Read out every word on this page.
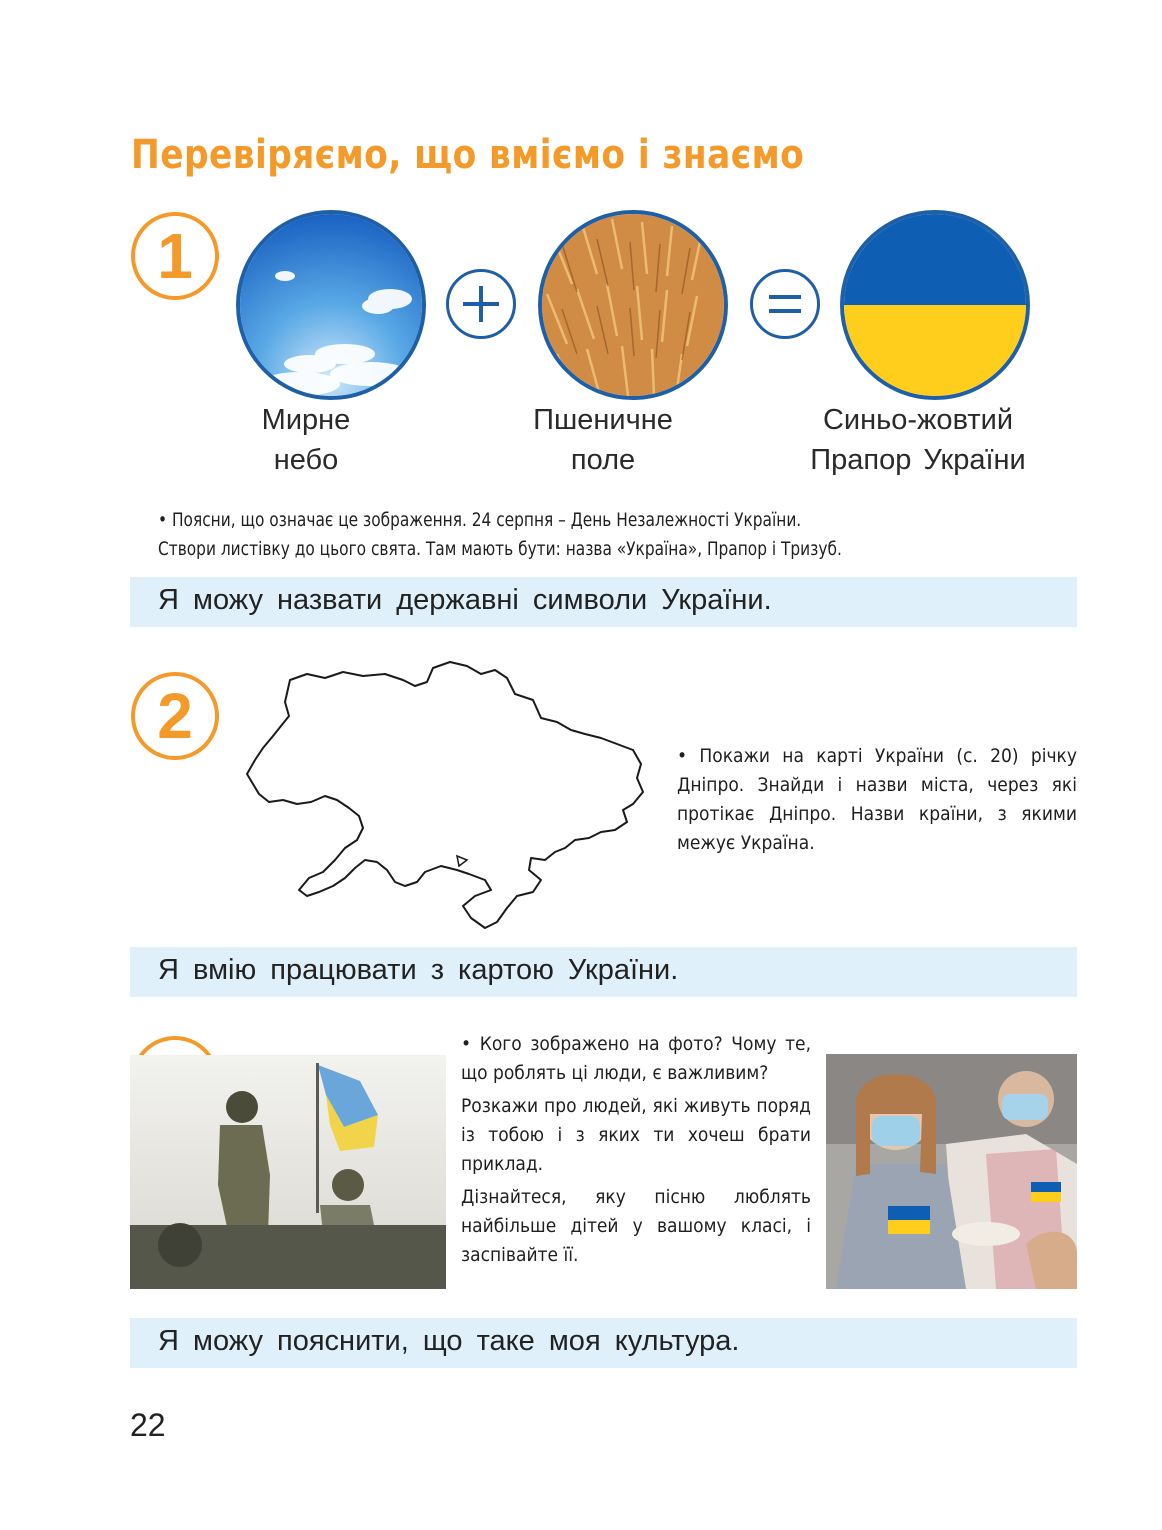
Перевіряємо, що вміємо і знаємо
1
Мирне
небо
Пшеничне
поле
Синьо-жовтий
Прапор України
• Поясни, що означає це зображення. 24 серпня – День Незалежності України.
Створи листівку до цього свята. Там мають бути: назва «Україна», Прапор і Тризуб.
Я можу назвати державні символи України.
2
• Покажи на карті України (с. 20) річку Дніпро. Знайди і назви міста, через які протікає Дніпро. Назви країни, з якими межує Україна.
Я вмію працювати з картою України.
• Кого зображено на фото? Чому те, що роблять ці люди, є важливим?
Розкажи про людей, які живуть поряд із тобою і з яких ти хочеш брати приклад.
Дізнайтеся, яку пісню люблять найбільше дітей у вашому класі, і заспівайте її.
Я можу пояснити, що таке моя культура.
22
